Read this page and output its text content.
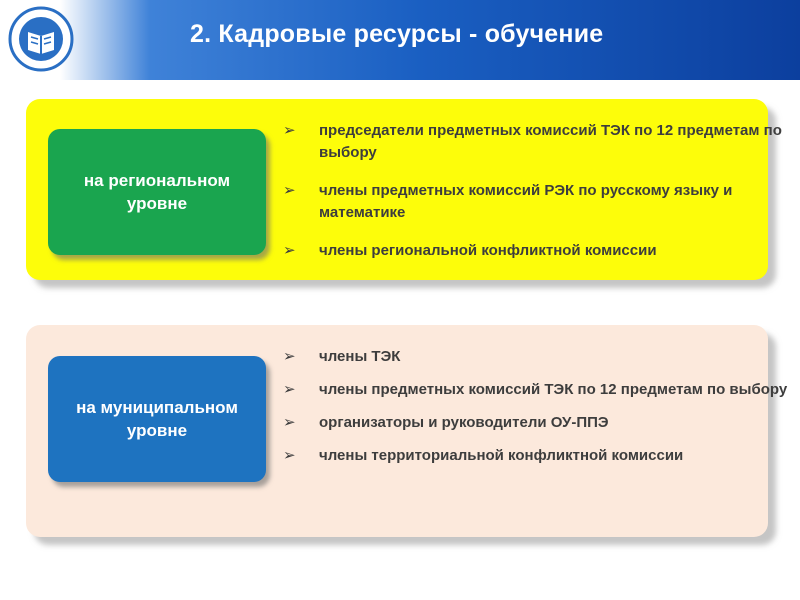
2. Кадровые ресурсы - обучение
на региональном уровне
➢ председатели предметных комиссий ТЭК по 12 предметам по выбору
➢ члены предметных комиссий РЭК по русскому языку и математике
➢ члены региональной конфликтной комиссии
на муниципальном уровне
➢ члены ТЭК
➢ члены предметных комиссий ТЭК по 12 предметам по выбору
➢ организаторы и руководители ОУ-ППЭ
➢ члены территориальной конфликтной комиссии
